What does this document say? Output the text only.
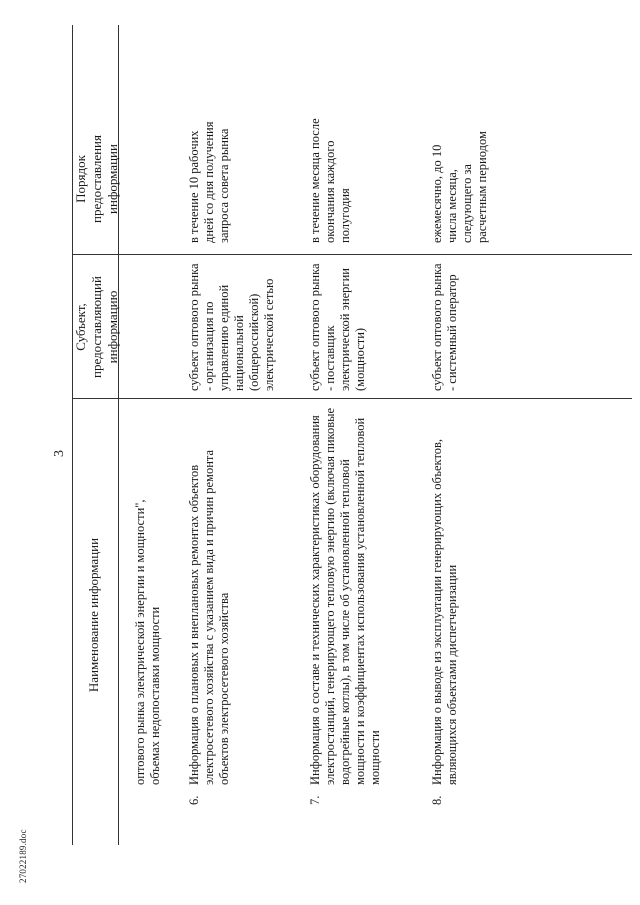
27022189.doc
3
Наименование информации
Субъект, предоставляющий информацию
Порядок предоставления информации
оптового рынка электрической энергии и мощности", объемах недопоставки мощности
6.
Информация о плановых и внеплановых ремонтах объектов электросетевого хозяйства с указанием вида и причин ремонта объектов электросетевого хозяйства
субъект оптового рынка - организация по управлению единой национальной (общероссийской) электрической сетью
в течение 10 рабочих дней со дня получения запроса совета рынка
7.
Информация о составе и технических характеристиках оборудования электростанций, генерирующего тепловую энергию (включая пиковые водогрейные котлы), в том числе об установленной тепловой мощности и коэффициентах использования установленной тепловой мощности
субъект оптового рынка - поставщик электрической энергии (мощности)
в течение месяца после окончания каждого полугодия
8.
Информация о выводе из эксплуатации генерирующих объектов, являющихся объектами диспетчеризации
субъект оптового рынка - системный оператор
ежемесячно, до 10 числа месяца, следующего за расчетным периодом
